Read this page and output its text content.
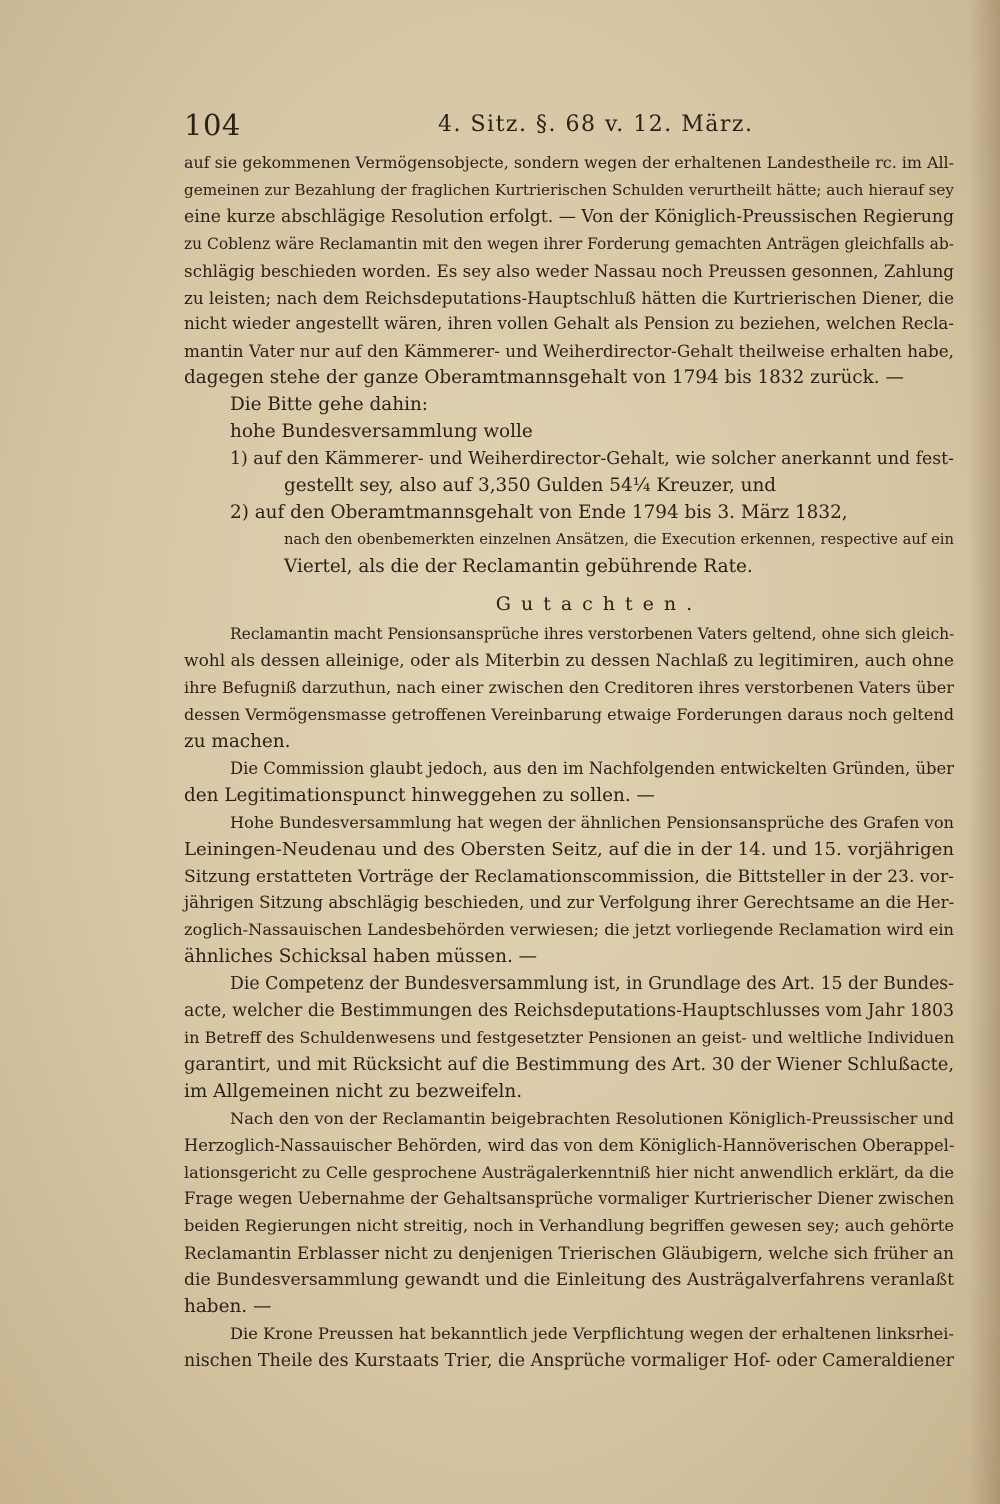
104	4. Sitz. §. 68 v. 12. März.
auf sie gekommenen Vermögensobjecte, sondern wegen der erhaltenen Landestheile rc. im All-
gemeinen zur Bezahlung der fraglichen Kurtrierischen Schulden verurtheilt hätte; auch hierauf sey
eine kurze abschlägige Resolution erfolgt. — Von der Königlich-Preussischen Regierung
zu Coblenz wäre Reclamantin mit den wegen ihrer Forderung gemachten Anträgen gleichfalls ab-
schlägig beschieden worden. Es sey also weder Nassau noch Preussen gesonnen, Zahlung
zu leisten; nach dem Reichsdeputations-Hauptschluß hätten die Kurtrierischen Diener, die
nicht wieder angestellt wären, ihren vollen Gehalt als Pension zu beziehen, welchen Recla-
mantin Vater nur auf den Kämmerer- und Weiherdirector-Gehalt theilweise erhalten habe,
dagegen stehe der ganze Oberamtmannsgehalt von 1794 bis 1832 zurück. —
Die Bitte gehe dahin:
hohe Bundesversammlung wolle
1) auf den Kämmerer- und Weiherdirector-Gehalt, wie solcher anerkannt und fest-
gestellt sey, also auf 3,350 Gulden 54¼ Kreuzer, und
2) auf den Oberamtmannsgehalt von Ende 1794 bis 3. März 1832,
nach den obenbemerkten einzelnen Ansätzen, die Execution erkennen, respective auf ein
Viertel, als die der Reclamantin gebührende Rate.
Gutachten.
Reclamantin macht Pensionsansprüche ihres verstorbenen Vaters geltend, ohne sich gleich-
wohl als dessen alleinige, oder als Miterbin zu dessen Nachlaß zu legitimiren, auch ohne
ihre Befugniß darzuthun, nach einer zwischen den Creditoren ihres verstorbenen Vaters über
dessen Vermögensmasse getroffenen Vereinbarung etwaige Forderungen daraus noch geltend
zu machen.
Die Commission glaubt jedoch, aus den im Nachfolgenden entwickelten Gründen, über
den Legitimationspunct hinweggehen zu sollen. —
Hohe Bundesversammlung hat wegen der ähnlichen Pensionsansprüche des Grafen von
Leiningen-Neudenau und des Obersten Seitz, auf die in der 14. und 15. vorjährigen
Sitzung erstatteten Vorträge der Reclamationscommission, die Bittsteller in der 23. vor-
jährigen Sitzung abschlägig beschieden, und zur Verfolgung ihrer Gerechtsame an die Her-
zoglich-Nassauischen Landesbehörden verwiesen; die jetzt vorliegende Reclamation wird ein
ähnliches Schicksal haben müssen. —
Die Competenz der Bundesversammlung ist, in Grundlage des Art. 15 der Bundes-
acte, welcher die Bestimmungen des Reichsdeputations-Hauptschlusses vom Jahr 1803
in Betreff des Schuldenwesens und festgesetzter Pensionen an geist- und weltliche Individuen
garantirt, und mit Rücksicht auf die Bestimmung des Art. 30 der Wiener Schlußacte,
im Allgemeinen nicht zu bezweifeln.
Nach den von der Reclamantin beigebrachten Resolutionen Königlich-Preussischer und
Herzoglich-Nassauischer Behörden, wird das von dem Königlich-Hannöverischen Oberappel-
lationsgericht zu Celle gesprochene Austrägalerkenntniß hier nicht anwendlich erklärt, da die
Frage wegen Uebernahme der Gehaltsansprüche vormaliger Kurtrierischer Diener zwischen
beiden Regierungen nicht streitig, noch in Verhandlung begriffen gewesen sey; auch gehörte
Reclamantin Erblasser nicht zu denjenigen Trierischen Gläubigern, welche sich früher an
die Bundesversammlung gewandt und die Einleitung des Austrägalverfahrens veranlaßt
haben. —
Die Krone Preussen hat bekanntlich jede Verpflichtung wegen der erhaltenen linksrhei-
nischen Theile des Kurstaats Trier, die Ansprüche vormaliger Hof- oder Cameraldiener
